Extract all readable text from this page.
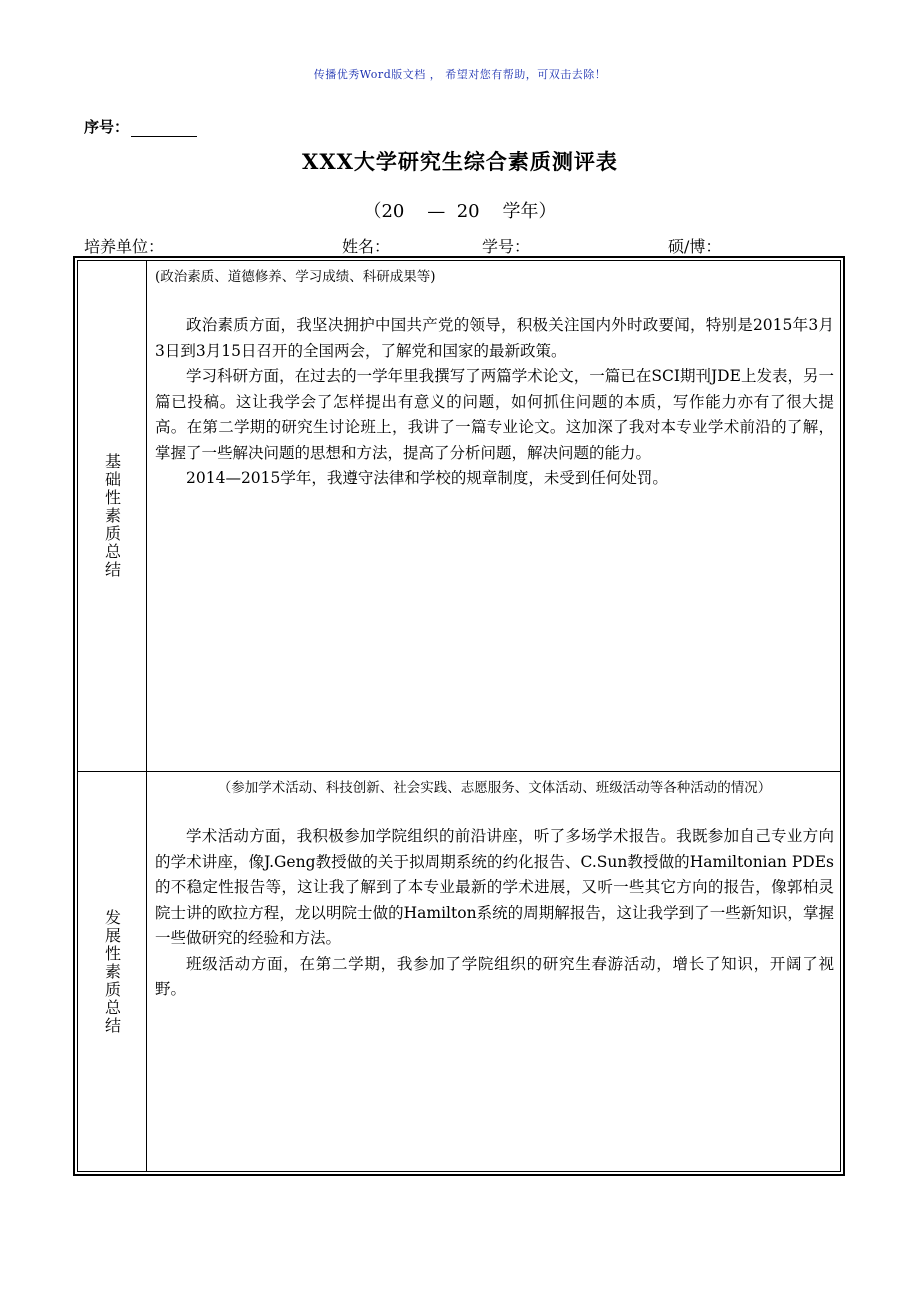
传播优秀Word版文档 ， 希望对您有帮助，可双击去除！
序号：
XXX大学研究生综合素质测评表
（20    —  20    学年）
培养单位：	姓名：	学号：	硕/博：
基础性素质总结

(政治素质、道德修养、学习成绩、科研成果等)

政治素质方面，我坚决拥护中国共产党的领导，积极关注国内外时政要闻，特别是2015年3月3日到3月15日召开的全国两会，了解党和国家的最新政策。

学习科研方面，在过去的一学年里我撰写了两篇学术论文，一篇已在SCI期刊JDE上发表，另一篇已投稿。这让我学会了怎样提出有意义的问题，如何抓住问题的本质，写作能力亦有了很大提高。在第二学期的研究生讨论班上，我讲了一篇专业论文。这加深了我对本专业学术前沿的了解，掌握了一些解决问题的思想和方法，提高了分析问题，解决问题的能力。

2014—2015学年，我遵守法律和学校的规章制度，未受到任何处罚。

发展性素质总结

（参加学术活动、科技创新、社会实践、志愿服务、文体活动、班级活动等各种活动的情况）

学术活动方面，我积极参加学院组织的前沿讲座，听了多场学术报告。我既参加自己专业方向的学术讲座，像J.Geng教授做的关于拟周期系统的约化报告、C.Sun教授做的Hamiltonian PDEs 的不稳定性报告等，这让我了解到了本专业最新的学术进展，又听一些其它方向的报告，像郭柏灵院士讲的欧拉方程，龙以明院士做的Hamilton系统的周期解报告，这让我学到了一些新知识，掌握一些做研究的经验和方法。

班级活动方面，在第二学期，我参加了学院组织的研究生春游活动，增长了知识，开阔了视野。
